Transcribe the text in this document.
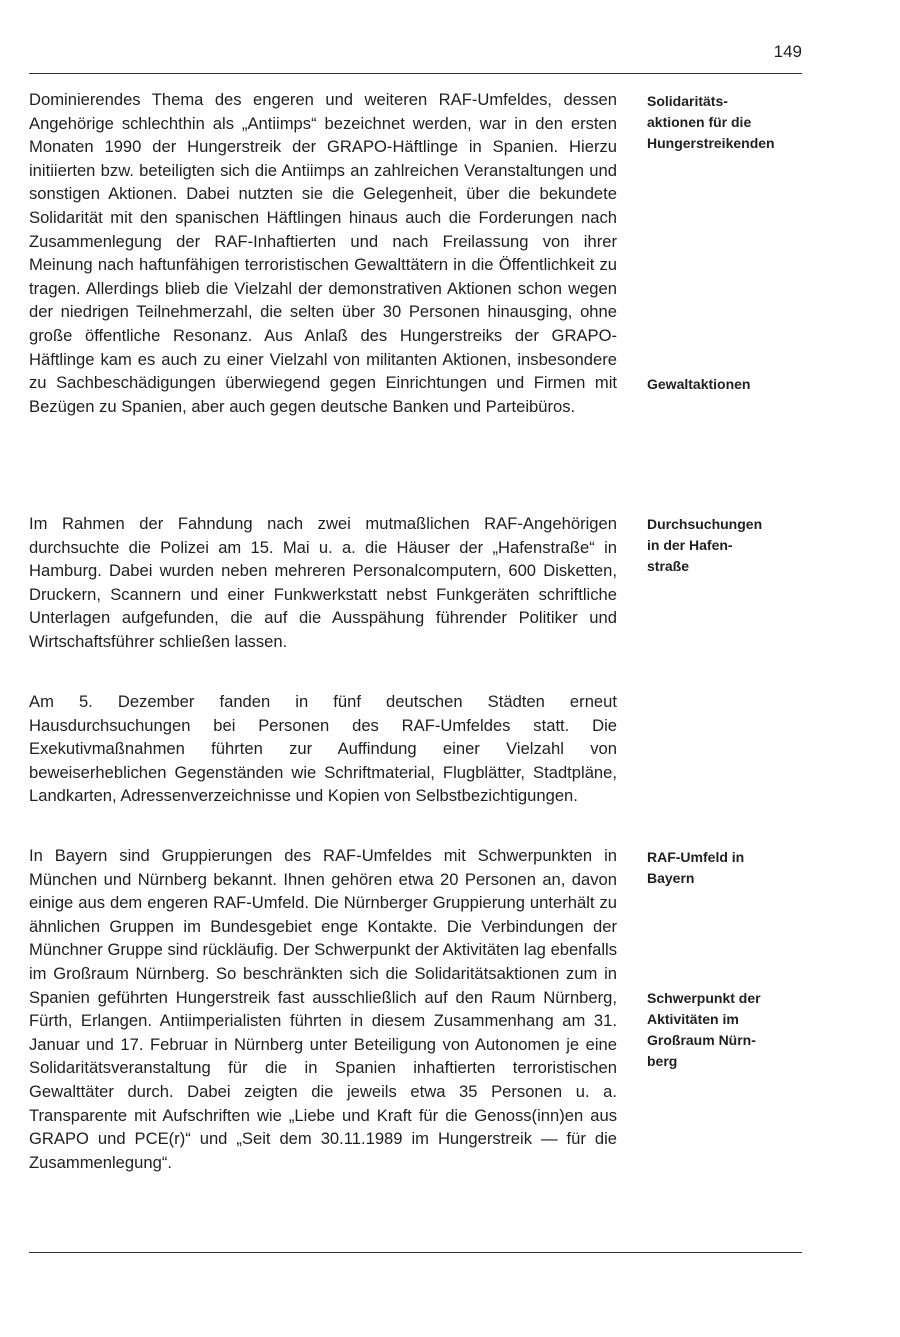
149

Dominierendes Thema des engeren und weiteren RAF-Umfeldes, dessen Angehörige schlechthin als „Antiimps“ bezeichnet werden, war in den ersten Monaten 1990 der Hungerstreik der GRAPO-Häftlinge in Spanien. Hierzu initiierten bzw. beteiligten sich die Antiimps an zahlreichen Veranstaltungen und sonstigen Aktionen. Dabei nutzten sie die Gelegenheit, über die bekundete Solidarität mit den spanischen Häftlingen hinaus auch die Forderungen nach Zusammenlegung der RAF-Inhaftierten und nach Freilassung von ihrer Meinung nach haftunfähigen terroristischen Gewalttätern in die Öffentlichkeit zu tragen. Allerdings blieb die Vielzahl der demonstrativen Aktionen schon wegen der niedrigen Teilnehmerzahl, die selten über 30 Personen hinausging, ohne große öffentliche Resonanz. Aus Anlaß des Hungerstreiks der GRAPO-Häftlinge kam es auch zu einer Vielzahl von militanten Aktionen, insbesondere zu Sachbeschädigungen überwiegend gegen Einrichtungen und Firmen mit Bezügen zu Spanien, aber auch gegen deutsche Banken und Parteibüros.

Im Rahmen der Fahndung nach zwei mutmaßlichen RAF-Angehörigen durchsuchte die Polizei am 15. Mai u. a. die Häuser der „Hafenstraße“ in Hamburg. Dabei wurden neben mehreren Personalcomputern, 600 Disketten, Druckern, Scannern und einer Funkwerkstatt nebst Funkgeräten schriftliche Unterlagen aufgefunden, die auf die Ausspähung führender Politiker und Wirtschaftsführer schließen lassen.

Am 5. Dezember fanden in fünf deutschen Städten erneut Hausdurchsuchungen bei Personen des RAF-Umfeldes statt. Die Exekutivmaßnahmen führten zur Auffindung einer Vielzahl von beweiserheblichen Gegenständen wie Schriftmaterial, Flugblätter, Stadtpläne, Landkarten, Adressenverzeichnisse und Kopien von Selbstbezichtigungen.

In Bayern sind Gruppierungen des RAF-Umfeldes mit Schwerpunkten in München und Nürnberg bekannt. Ihnen gehören etwa 20 Personen an, davon einige aus dem engeren RAF-Umfeld. Die Nürnberger Gruppierung unterhält zu ähnlichen Gruppen im Bundesgebiet enge Kontakte. Die Verbindungen der Münchner Gruppe sind rückläufig. Der Schwerpunkt der Aktivitäten lag ebenfalls im Großraum Nürnberg. So beschränkten sich die Solidaritätsaktionen zum in Spanien geführten Hungerstreik fast ausschließlich auf den Raum Nürnberg, Fürth, Erlangen. Antiimperialisten führten in diesem Zusammenhang am 31. Januar und 17. Februar in Nürnberg unter Beteiligung von Autonomen je eine Solidaritätsveranstaltung für die in Spanien inhaftierten terroristischen Gewalttäter durch. Dabei zeigten die jeweils etwa 35 Personen u. a. Transparente mit Aufschriften wie „Liebe und Kraft für die Genoss(inn)en aus GRAPO und PCE(r)“ und „Seit dem 30.11.1989 im Hungerstreik — für die Zusammenlegung“.

Solidaritäts-
aktionen für die
Hungerstreikenden
Gewaltaktionen
Durchsuchungen
in der Hafen-
straße
RAF-Umfeld in
Bayern
Schwerpunkt der
Aktivitäten im
Großraum Nürn-
berg
